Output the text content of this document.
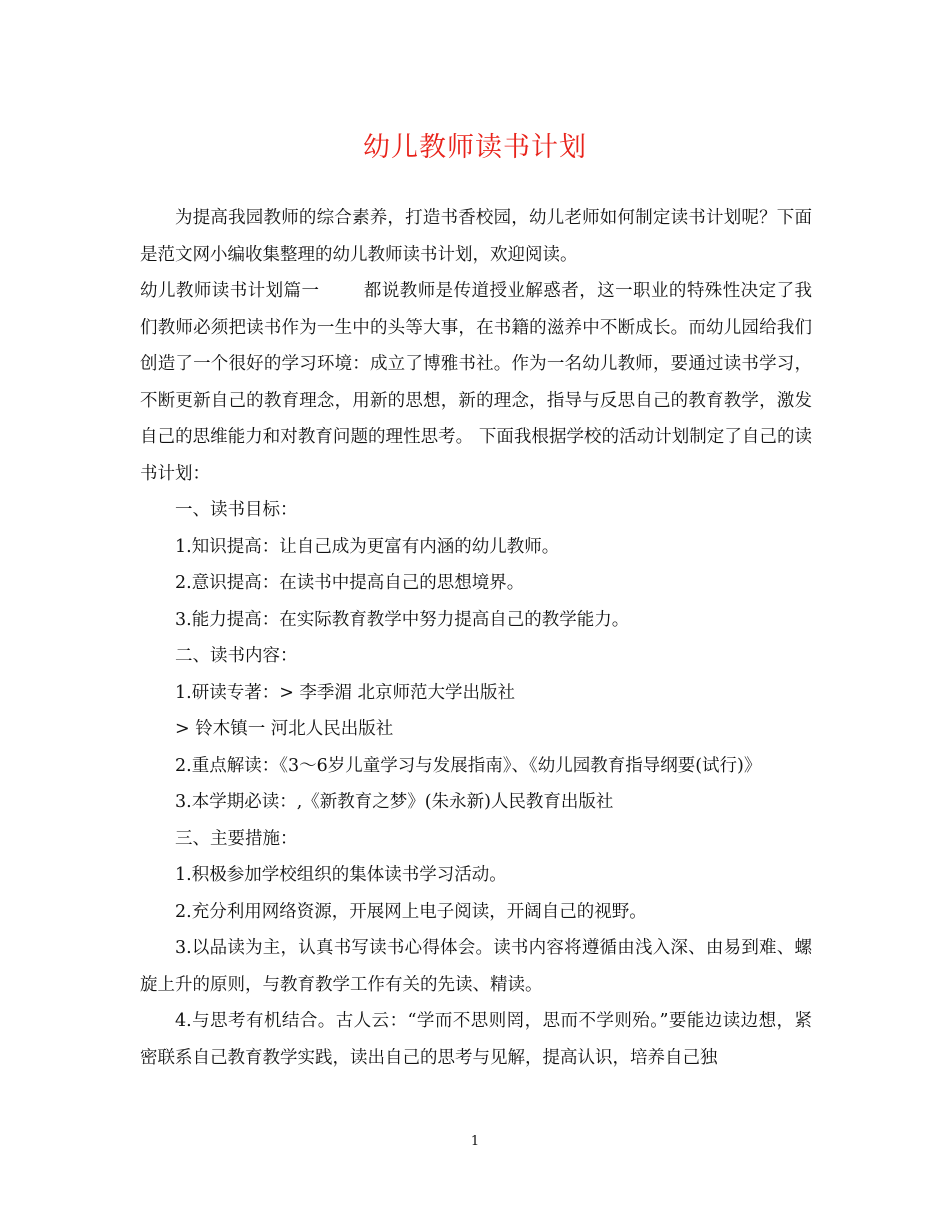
幼儿教师读书计划

为提高我园教师的综合素养，打造书香校园，幼儿老师如何制定读书计划呢？下面是范文网小编收集整理的幼儿教师读书计划，欢迎阅读。

幼儿教师读书计划篇一	都说教师是传道授业解惑者，这一职业的特殊性决定了我们教师必须把读书作为一生中的头等大事，在书籍的滋养中不断成长。而幼儿园给我们创造了一个很好的学习环境：成立了博雅书社。作为一名幼儿教师，要通过读书学习，不断更新自己的教育理念，用新的思想，新的理念，指导与反思自己的教育教学，激发自己的思维能力和对教育问题的理性思考。 下面我根据学校的活动计划制定了自己的读书计划：

一、读书目标：

1.知识提高：让自己成为更富有内涵的幼儿教师。

2.意识提高：在读书中提高自己的思想境界。

3.能力提高：在实际教育教学中努力提高自己的教学能力。

二、读书内容：

1.研读专著：> 李季湄 北京师范大学出版社

> 铃木镇一 河北人民出版社

2.重点解读：《3～6岁儿童学习与发展指南》、《幼儿园教育指导纲要(试行)》

3.本学期必读：,《新教育之梦》(朱永新)人民教育出版社

三、主要措施：

1.积极参加学校组织的集体读书学习活动。

2.充分利用网络资源，开展网上电子阅读，开阔自己的视野。

3.以品读为主，认真书写读书心得体会。读书内容将遵循由浅入深、由易到难、螺旋上升的原则，与教育教学工作有关的先读、精读。

4.与思考有机结合。古人云：“学而不思则罔，思而不学则殆。”要能边读边想，紧密联系自己教育教学实践，读出自己的思考与见解，提高认识，培养自己独

1
